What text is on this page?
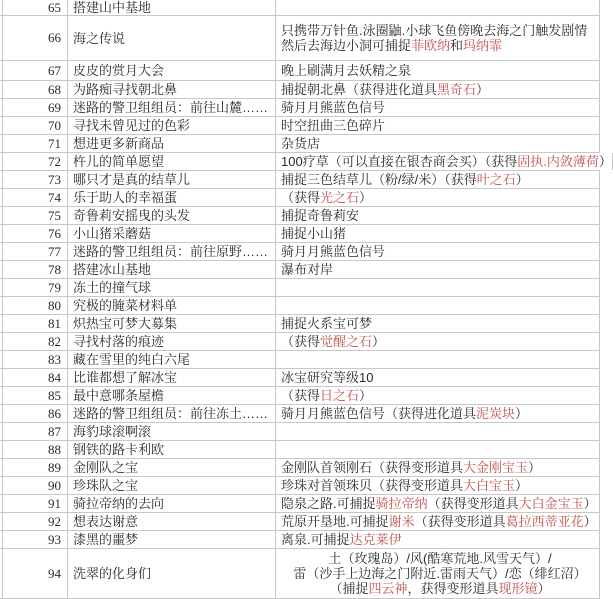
65 搭建山中基地
66 海之传说	只携带万针鱼.泳圈鼬.小球飞鱼傍晚去海之门触发剧情
然后去海边小洞可捕捉菲欧纳和玛纳霏
67 皮皮的赏月大会	晚上刷满月去妖精之泉
68 为路痴寻找朝北鼻	捕捉朝北鼻（获得进化道具黑奇石）
69 迷路的警卫组组员：前往山麓…… 骑月月熊蓝色信号
70 寻找未曾见过的色彩	时空扭曲三色碎片
71 想进更多新商品	杂货店
72 杵儿的简单愿望	100疗草（可以直接在银杏商会买）（获得固执.内敛薄荷）
73 哪只才是真的结草儿	捕捉三色结草儿（粉/绿/米）（获得叶之石）
74 乐于助人的幸福蛋	（获得光之石）
75 奇鲁莉安摇曳的头发	捕捉奇鲁莉安
76 小山猪采蘑菇	捕捉小山猪
77 迷路的警卫组组员：前往原野…… 骑月月熊蓝色信号
78 搭建冰山基地	瀑布对岸
79 冻土的撞气球
80 究极的腌菜材料单
81 炽热宝可梦大募集	捕捉火系宝可梦
82 寻找村落的痕迹	（获得觉醒之石）
83 藏在雪里的纯白六尾
84 比谁都想了解冰宝	冰宝研究等级10
85 最中意哪条屋檐	（获得日之石）
86 迷路的警卫组组员：前往冻土…… 骑月月熊蓝色信号（获得进化道具泥炭块）
87 海豹球滚啊滚
88 钢铁的路卡利欧
89 金刚队之宝	金刚队首领刚石（获得变形道具大金刚宝玉）
90 珍珠队之宝	珍珠对首领珠贝（获得变形道具大白宝玉）
91 骑拉帝纳的去向	隐泉之路.可捕捉骑拉帝纳（获得变形道具大白金宝玉）
92 想表达谢意	荒原开垦地.可捕捉谢米（获得变形道具葛拉西蒂亚花）
93 漆黑的噩梦	离泉.可捕捉达克莱伊
94 洗翠的化身们
土（玫瑰岛）/风(酷寒荒地.风雪天气）/
雷（沙手上边海之门附近.雷雨天气）/恋（绯红沼）
（捕捉四云神，获得变形道具现形镜）
